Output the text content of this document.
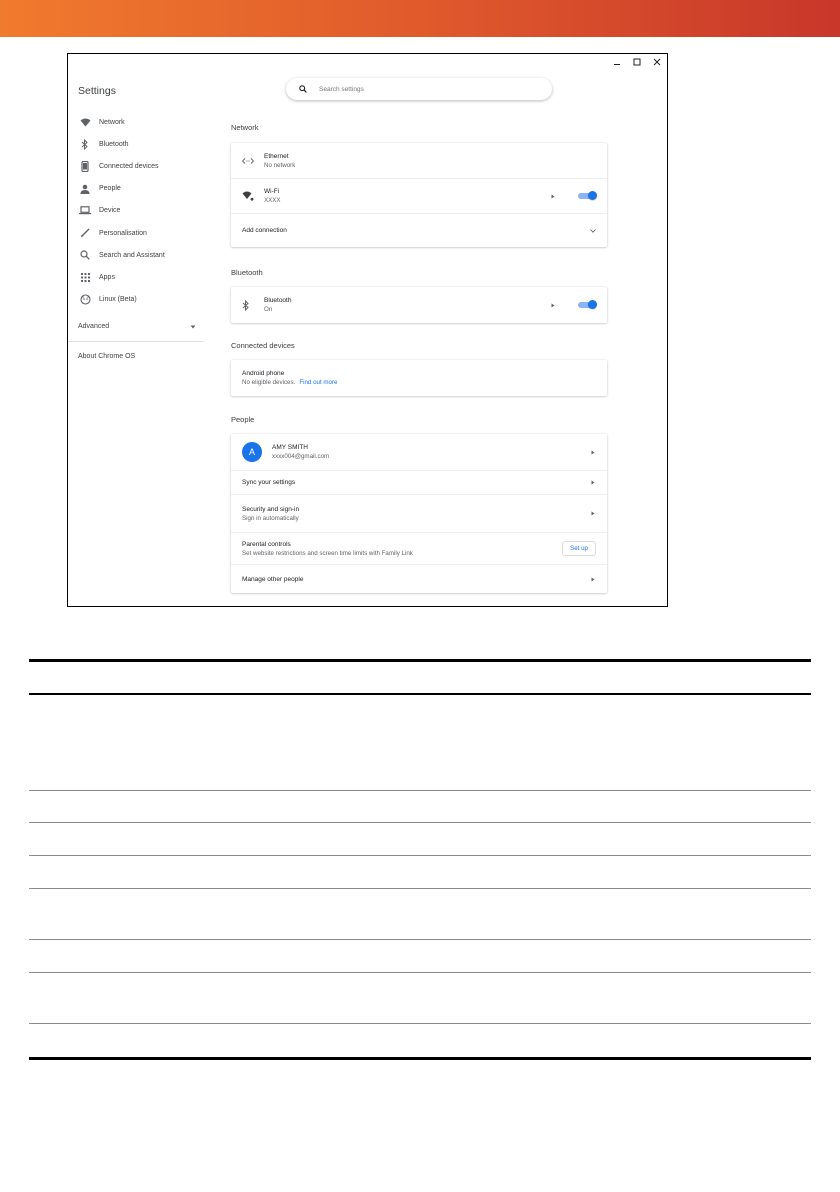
Settings
Network
Bluetooth
Connected devices
People
Device
Personalisation
Search and Assistant
Apps
Linux (Beta)
Advanced
About Chrome OS
Search settings
Network
Ethernet
No network
Wi-Fi
XXXX
Add connection
Bluetooth
Bluetooth
On
Connected devices
Android phone
No eligible devices. Find out more
People
A	AMY SMITH
xxxx004@gmail.com
Sync your settings
Security and sign-in
Sign in automatically
Parental controls
Set website restrictions and screen time limits with Family Link
Set up
Manage other people
